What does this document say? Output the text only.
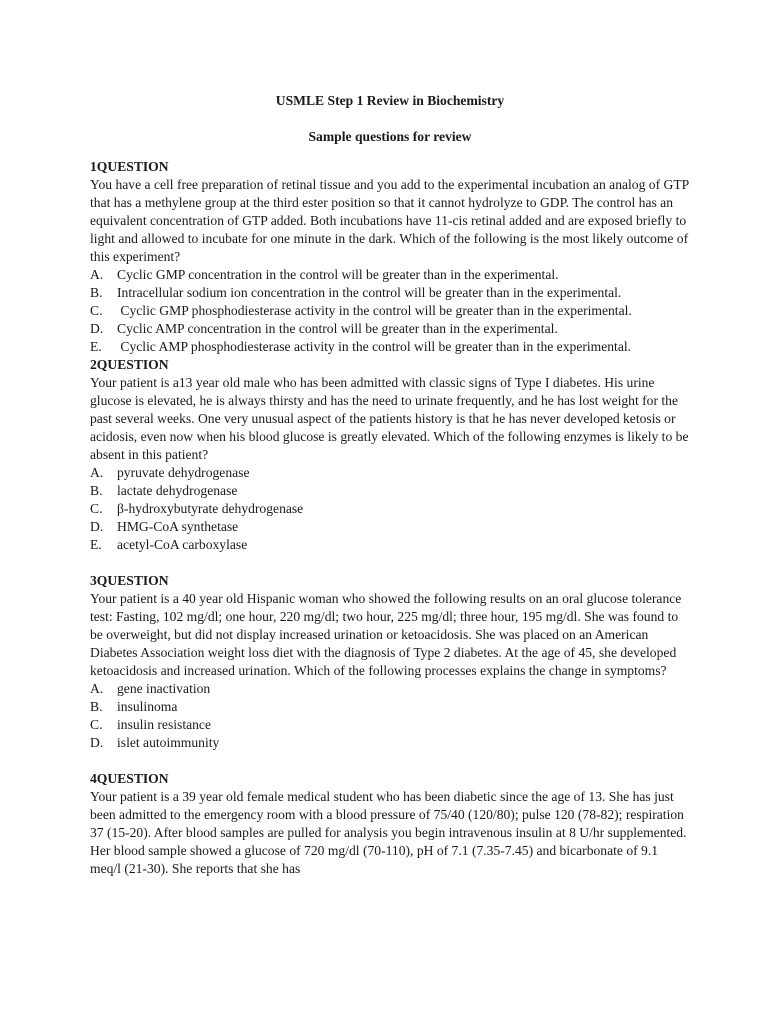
USMLE Step 1 Review in Biochemistry

Sample questions for review

1QUESTION

You have a cell free preparation of retinal tissue and you add to the experimental incubation an analog of GTP that has a methylene group at the third ester position so that it cannot hydrolyze to GDP. The control has an equivalent concentration of GTP added. Both incubations have 11-cis retinal added and are exposed briefly to light and allowed to incubate for one minute in the dark. Which of the following is the most likely outcome of this experiment?

A.	Cyclic GMP concentration in the control will be greater than in the experimental.
B.	Intracellular sodium ion concentration in the control will be greater than in the experimental.
C. Cyclic GMP phosphodiesterase activity in the control will be greater than in the experimental.
D.	Cyclic AMP concentration in the control will be greater than in the experimental.
E. Cyclic AMP phosphodiesterase activity in the control will be greater than in the experimental.

2QUESTION

Your patient is a13 year old male who has been admitted with classic signs of Type I diabetes. His urine glucose is elevated, he is always thirsty and has the need to urinate frequently, and he has lost weight for the past several weeks. One very unusual aspect of the patients history is that he has never developed ketosis or acidosis, even now when his blood glucose is greatly elevated. Which of the following enzymes is likely to be absent in this patient?

A.	pyruvate dehydrogenase
B.	lactate dehydrogenase
C.	β-hydroxybutyrate dehydrogenase
D.	HMG-CoA synthetase
E.	acetyl-CoA carboxylase

3QUESTION

Your patient is a 40 year old Hispanic woman who showed the following results on an oral glucose tolerance test: Fasting, 102 mg/dl; one hour, 220 mg/dl; two hour, 225 mg/dl; three hour, 195 mg/dl. She was found to be overweight, but did not display increased urination or ketoacidosis. She was placed on an American Diabetes Association weight loss diet with the diagnosis of Type 2 diabetes. At the age of 45, she developed ketoacidosis and increased urination. Which of the following processes explains the change in symptoms?

A.	gene inactivation
B.	insulinoma
C.	insulin resistance
D.	islet autoimmunity

4QUESTION

Your patient is a 39 year old female medical student who has been diabetic since the age of 13. She has just been admitted to the emergency room with a blood pressure of 75/40 (120/80); pulse 120 (78-82); respiration 37 (15-20). After blood samples are pulled for analysis you begin intravenous insulin at 8 U/hr supplemented. Her blood sample showed a glucose of 720 mg/dl (70-110), pH of 7.1 (7.35-7.45) and bicarbonate of 9.1 meq/l (21-30). She reports that she has
